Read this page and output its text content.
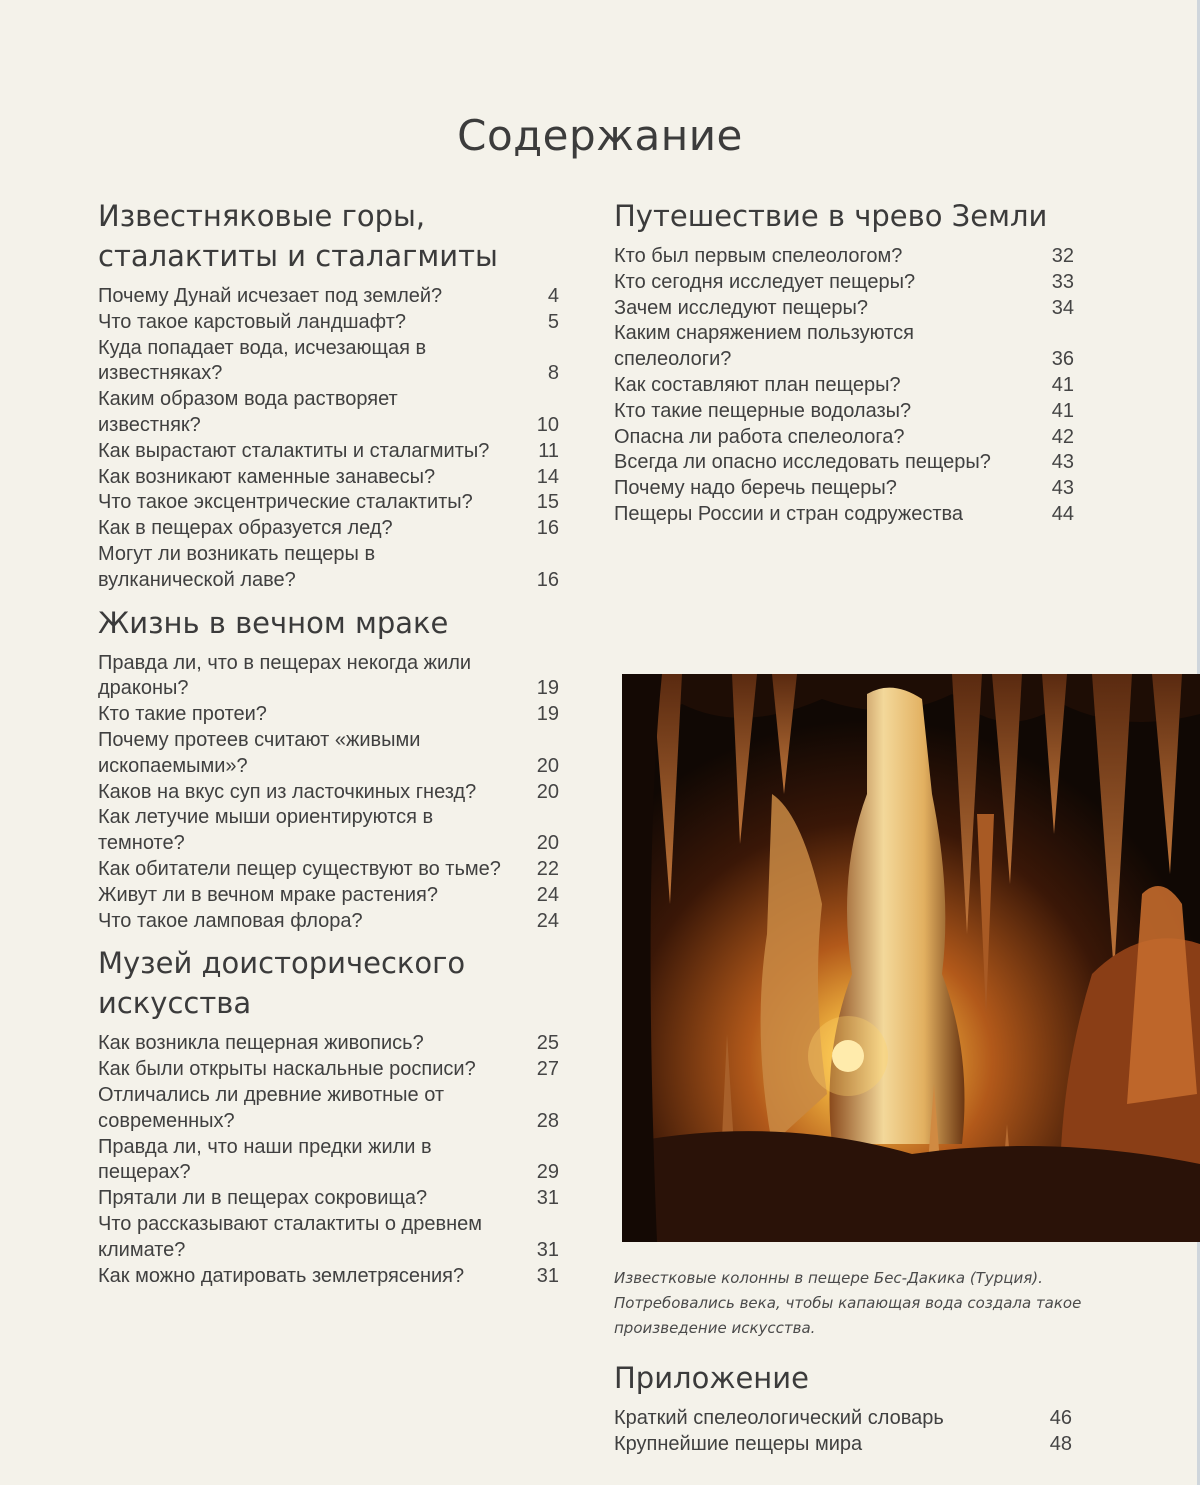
Содержание
Известняковые горы, сталактиты и сталагмиты
Почему Дунай исчезает под землей?	4
Что такое карстовый ландшафт?	5
Куда попадает вода, исчезающая в известняках?	8
Каким образом вода растворяет известняк?	10
Как вырастают сталактиты и сталагмиты?	11
Как возникают каменные занавесы?	14
Что такое эксцентрические сталактиты?	15
Как в пещерах образуется лед?	16
Могут ли возникать пещеры в вулканической лаве?	16
Жизнь в вечном мраке
Правда ли, что в пещерах некогда жили драконы?	19
Кто такие протеи?	19
Почему протеев считают «живыми ископаемыми»?	20
Каков на вкус суп из ласточкиных гнезд?	20
Как летучие мыши ориентируются в темноте?	20
Как обитатели пещер существуют во тьме?	22
Живут ли в вечном мраке растения?	24
Что такое ламповая флора?	24
Музей доисторического искусства
Как возникла пещерная живопись?	25
Как были открыты наскальные росписи?	27
Отличались ли древние животные от современных?	28
Правда ли, что наши предки жили в пещерах?	29
Прятали ли в пещерах сокровища?	31
Что рассказывают сталактиты о древнем климате?	31
Как можно датировать землетрясения?	31
Путешествие в чрево Земли
Кто был первым спелеологом?	32
Кто сегодня исследует пещеры?	33
Зачем исследуют пещеры?	34
Каким снаряжением пользуются спелеологи?	36
Как составляют план пещеры?	41
Кто такие пещерные водолазы?	41
Опасна ли работа спелеолога?	42
Всегда ли опасно исследовать пещеры?	43
Почему надо беречь пещеры?	43
Пещеры России и стран содружества	44
Известковые колонны в пещере Бес-Дакика (Турция). Потребовались века, чтобы капающая вода создала такое произведение искусства.
Приложение
Краткий спелеологический словарь	46
Крупнейшие пещеры мира	48
